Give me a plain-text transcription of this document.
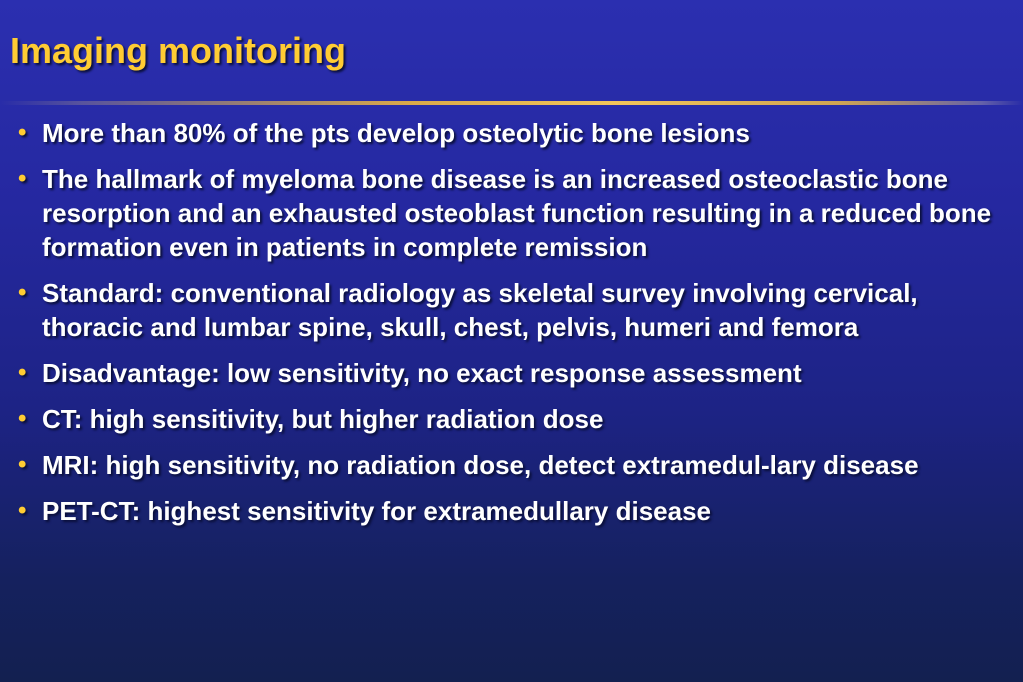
Imaging monitoring
• More than 80% of the pts develop osteolytic bone lesions
• The hallmark of myeloma bone disease is an increased osteoclastic bone resorption and an exhausted osteoblast function resulting in a reduced bone formation even in patients in complete remission
• Standard: conventional radiology as skeletal survey involving cervical, thoracic and lumbar spine, skull, chest, pelvis, humeri and femora
• Disadvantage: low sensitivity, no exact response assessment
• CT: high sensitivity, but higher radiation dose
• MRI: high sensitivity, no radiation dose, detect extramedul-lary disease
• PET-CT: highest sensitivity for extramedullary disease
